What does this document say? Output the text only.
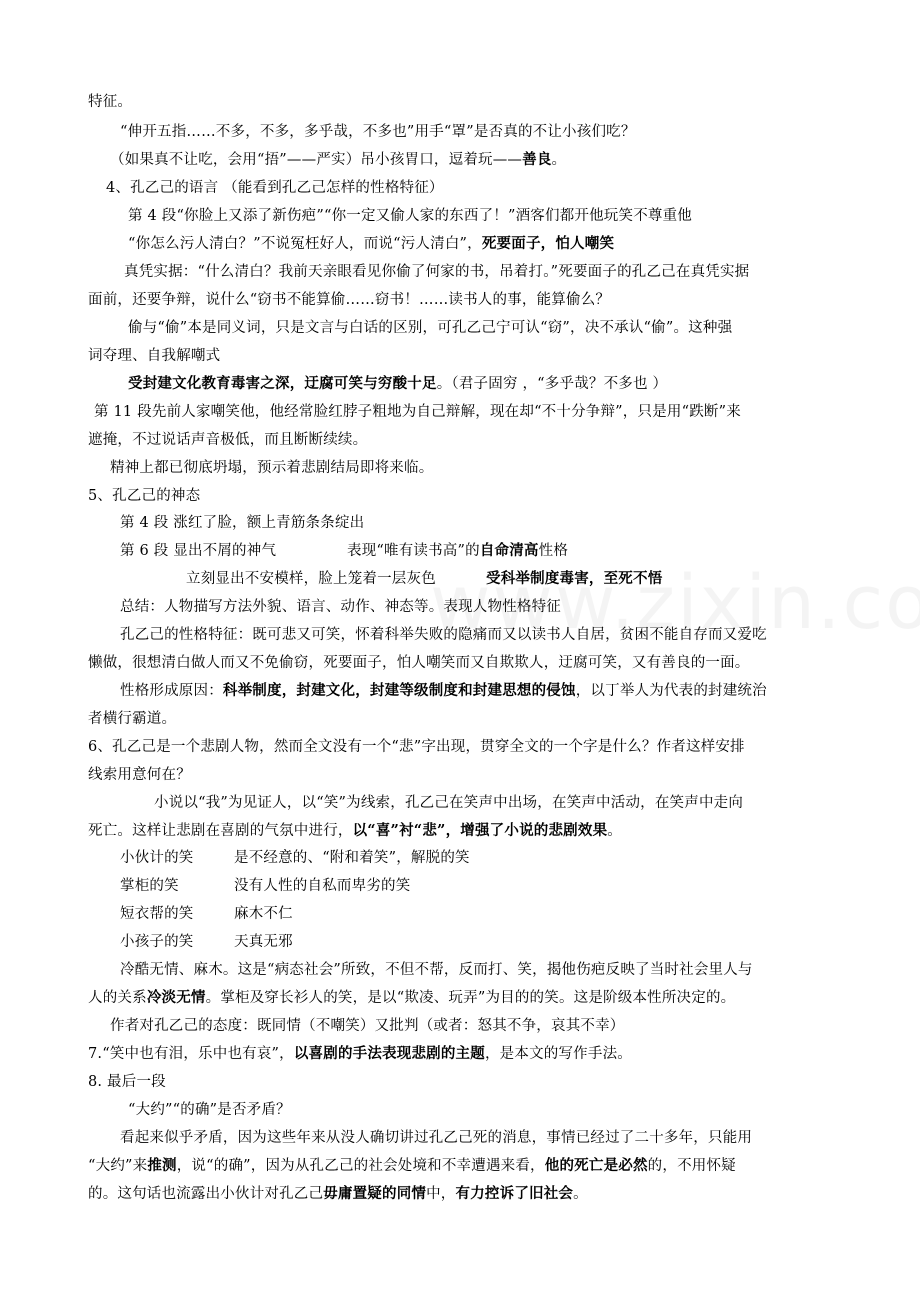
特征。
“伸开五指……不多，不多，多乎哉，不多也”用手“罩”是否真的不让小孩们吃？
（如果真不让吃，会用“捂”——严实）吊小孩胃口，逗着玩——善良。
4、孔乙己的语言 （能看到孔乙己怎样的性格特征）
第 4 段“你脸上又添了新伤疤”“你一定又偷人家的东西了！”酒客们都开他玩笑不尊重他
“你怎么污人清白？”不说冤枉好人，而说“污人清白”，死要面子，怕人嘲笑
真凭实据：“什么清白？我前天亲眼看见你偷了何家的书，吊着打。”死要面子的孔乙己在真凭实据
面前，还要争辩，说什么“窃书不能算偷……窃书！……读书人的事，能算偷么？
偷与“偷”本是同义词，只是文言与白话的区别，可孔乙己宁可认“窃”，决不承认“偷”。这种强
词夺理、自我解嘲式
受封建文化教育毒害之深，迂腐可笑与穷酸十足。（君子固穷 ，“多乎哉？不多也 ）
第 11 段先前人家嘲笑他，他经常脸红脖子粗地为自己辩解，现在却“不十分争辩”，只是用“跌断”来
遮掩，不过说话声音极低，而且断断续续。
精神上都已彻底坍塌，预示着悲剧结局即将来临。
5、孔乙己的神态
第 4 段 涨红了脸，额上青筋条条绽出
第 6 段 显出不屑的神气	表现“唯有读书高”的自命清高性格
立刻显出不安模样，脸上笼着一层灰色	受科举制度毒害，至死不悟
总结：人物描写方法外貌、语言、动作、神态等。表现人物性格特征
孔乙己的性格特征：既可悲又可笑，怀着科举失败的隐痛而又以读书人自居，贫困不能自存而又爱吃
懒做，很想清白做人而又不免偷窃，死要面子，怕人嘲笑而又自欺欺人，迂腐可笑，又有善良的一面。
性格形成原因：科举制度，封建文化，封建等级制度和封建思想的侵蚀，以丁举人为代表的封建统治
者横行霸道。
6、孔乙己是一个悲剧人物，然而全文没有一个“悲”字出现，贯穿全文的一个字是什么？作者这样安排
线索用意何在？
小说以“我”为见证人，以“笑”为线索，孔乙己在笑声中出场，在笑声中活动，在笑声中走向
死亡。这样让悲剧在喜剧的气氛中进行，以“喜”衬“悲”，增强了小说的悲剧效果。
小伙计的笑	是不经意的、“附和着笑”，解脱的笑
掌柜的笑	没有人性的自私而卑劣的笑
短衣帮的笑	麻木不仁
小孩子的笑	天真无邪
冷酷无情、麻木。这是“病态社会”所致，不但不帮，反而打、笑，揭他伤疤反映了当时社会里人与
人的关系冷淡无情。掌柜及穿长衫人的笑，是以“欺凌、玩弄”为目的的笑。这是阶级本性所决定的。
作者对孔乙己的态度：既同情（不嘲笑）又批判（或者：怒其不争，哀其不幸）
7.“笑中也有泪，乐中也有哀”，以喜剧的手法表现悲剧的主题，是本文的写作手法。
8. 最后一段
“大约”“的确”是否矛盾？
看起来似乎矛盾，因为这些年来从没人确切讲过孔乙己死的消息，事情已经过了二十多年，只能用
“大约”来推测，说“的确”，因为从孔乙己的社会处境和不幸遭遇来看，他的死亡是必然的，不用怀疑
的。这句话也流露出小伙计对孔乙己毋庸置疑的同情中，有力控诉了旧社会。
